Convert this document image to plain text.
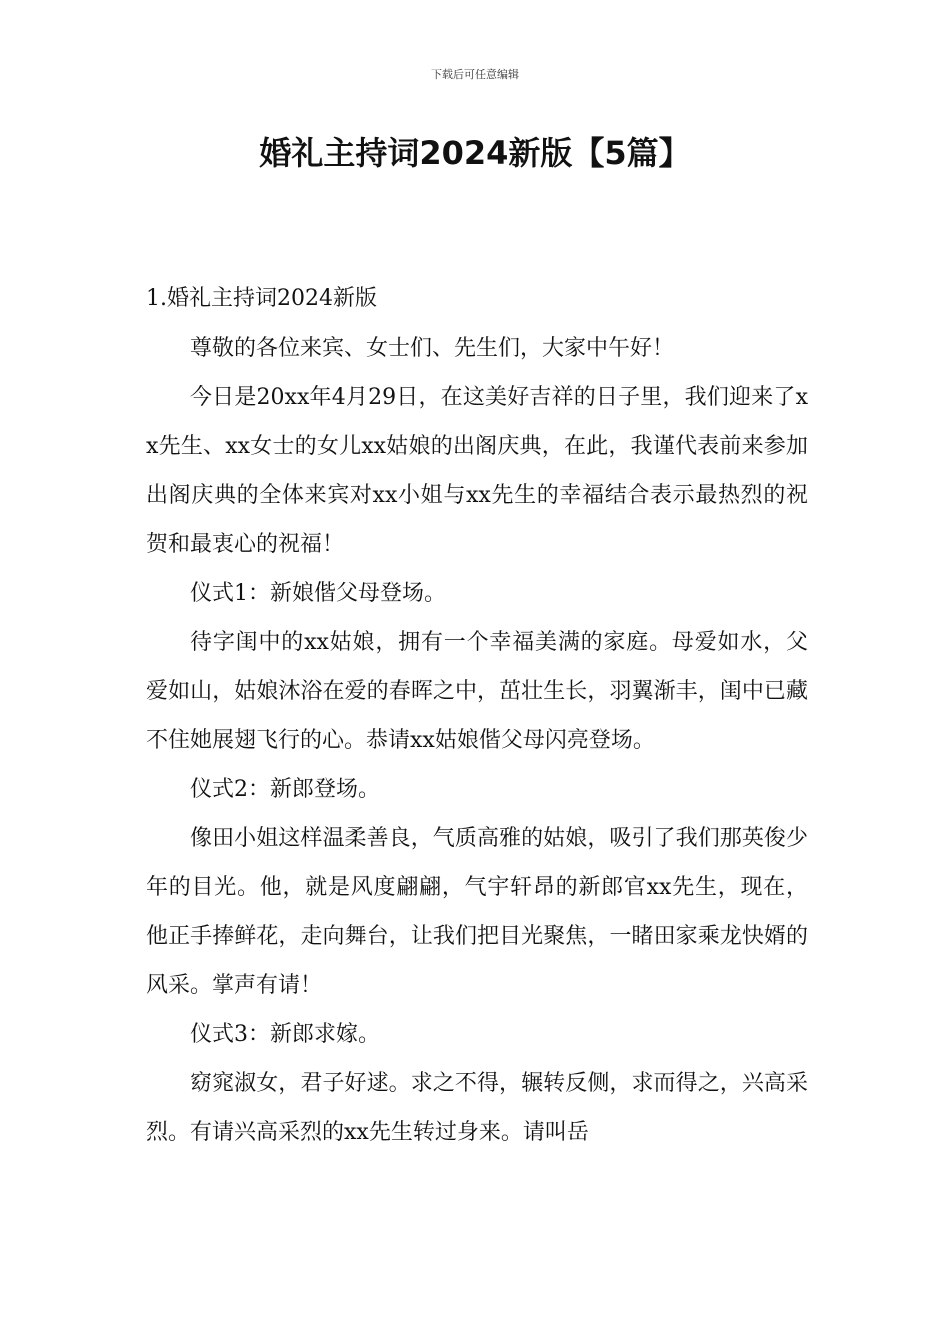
下载后可任意编辑
婚礼主持词2024新版【5篇】
1.婚礼主持词2024新版

尊敬的各位来宾、女士们、先生们，大家中午好！

今日是20xx年4月29日，在这美好吉祥的日子里，我们迎来了xx先生、xx女士的女儿xx姑娘的出阁庆典，在此，我谨代表前来参加出阁庆典的全体来宾对xx小姐与xx先生的幸福结合表示最热烈的祝贺和最衷心的祝福！

仪式1：新娘偕父母登场。

待字闺中的xx姑娘，拥有一个幸福美满的家庭。母爱如水，父爱如山，姑娘沐浴在爱的春晖之中，茁壮生长，羽翼渐丰，闺中已藏不住她展翅飞行的心。恭请xx姑娘偕父母闪亮登场。

仪式2：新郎登场。

像田小姐这样温柔善良，气质高雅的姑娘，吸引了我们那英俊少年的目光。他，就是风度翩翩，气宇轩昂的新郎官xx先生，现在，他正手捧鲜花，走向舞台，让我们把目光聚焦，一睹田家乘龙快婿的风采。掌声有请！

仪式3：新郎求嫁。

窈窕淑女，君子好逑。求之不得，辗转反侧，求而得之，兴高采烈。有请兴高采烈的xx先生转过身来。请叫岳
